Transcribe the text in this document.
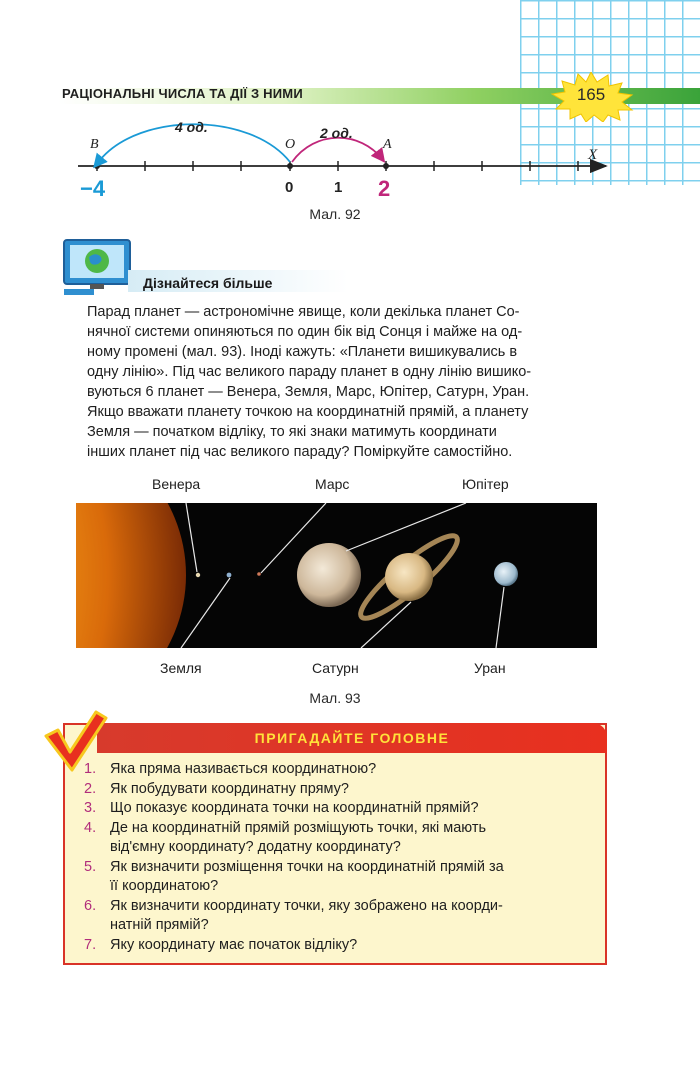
РАЦІОНАЛЬНІ ЧИСЛА ТА ДІЇ З НИМИ	165
B	O	A
X
4 од.	2 од.
−4	0	1 2
Мал. 92
Дізнайтеся більше
Парад планет — астрономічне явище, коли декілька планет Со-
нячної системи опиняються по один бік від Сонця і майже на од-
ному промені (мал. 93). Іноді кажуть: «Планети вишикувались в
одну лінію». Під час великого параду планет в одну лінію вишико-
вуються 6 планет — Венера, Земля, Марс, Юпітер, Сатурн, Уран.
Якщо вважати планету точкою на координатній прямій, а планету
Земля — початком відліку, то які знаки матимуть координати
інших планет під час великого параду? Поміркуйте самостійно.
Венера	Марс	Юпітер
Земля	Сатурн	Уран
Мал. 93
ПРИГАДАЙТЕ ГОЛОВНЕ
1. Яка пряма називається координатною?
2. Як побудувати координатну пряму?
3. Що показує координата точки на координатній прямій?
4. Де на координатній прямій розміщують точки, які мають
від'ємну координату? додатну координату?
5. Як визначити розміщення точки на координатній прямій за
її координатою?
6. Як визначити координату точки, яку зображено на коорди-
натній прямій?
7. Яку координату має початок відліку?
